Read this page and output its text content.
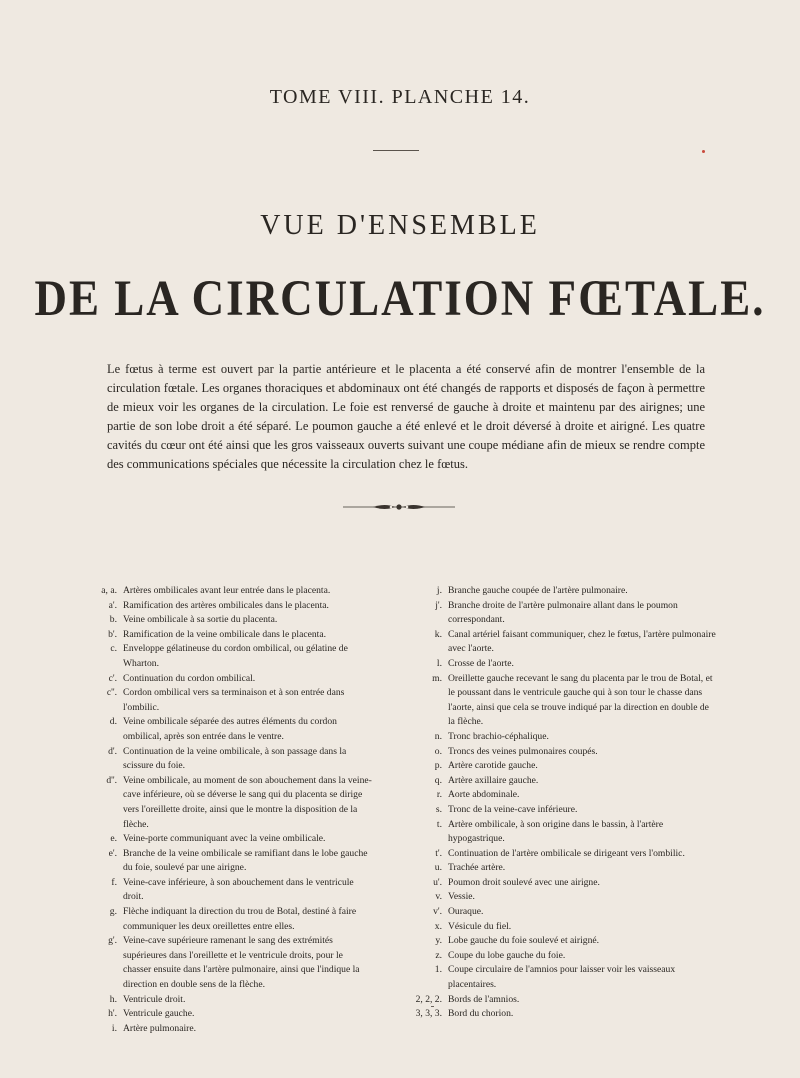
TOME VIII. PLANCHE 14.
VUE D'ENSEMBLE
DE LA CIRCULATION FŒTALE.
Le fœtus à terme est ouvert par la partie antérieure et le placenta a été conservé afin de montrer l'ensemble de la circulation fœtale. Les organes thoraciques et abdominaux ont été changés de rapports et disposés de façon à permettre de mieux voir les organes de la circulation. Le foie est renversé de gauche à droite et maintenu par des airignes; une partie de son lobe droit a été séparé. Le poumon gauche a été enlevé et le droit déversé à droite et airigné. Les quatre cavités du cœur ont été ainsi que les gros vaisseaux ouverts suivant une coupe médiane afin de mieux se rendre compte des communications spéciales que nécessite la circulation chez le fœtus.
a, a. Artères ombilicales avant leur entrée dans le placenta.
a'. Ramification des artères ombilicales dans le placenta.
b. Veine ombilicale à sa sortie du placenta.
b'. Ramification de la veine ombilicale dans le placenta.
c. Enveloppe gélatineuse du cordon ombilical, ou gélatine de Wharton.
c'. Continuation du cordon ombilical.
c''. Cordon ombilical vers sa terminaison et à son entrée dans l'ombilic.
d. Veine ombilicale séparée des autres éléments du cordon ombilical, après son entrée dans le ventre.
d'. Continuation de la veine ombilicale, à son passage dans la scissure du foie.
d''. Veine ombilicale, au moment de son abouchement dans la veine-cave inférieure, où se déverse le sang qui du placenta se dirige vers l'oreillette droite, ainsi que le montre la disposition de la flèche.
e. Veine-porte communiquant avec la veine ombilicale.
e'. Branche de la veine ombilicale se ramifiant dans le lobe gauche du foie, soulevé par une airigne.
f. Veine-cave inférieure, à son abouchement dans le ventricule droit.
g. Flèche indiquant la direction du trou de Botal, destiné à faire communiquer les deux oreillettes entre elles.
g'. Veine-cave supérieure ramenant le sang des extrémités supérieures dans l'oreillette et le ventricule droits, pour le chasser ensuite dans l'artère pulmonaire, ainsi que l'indique la direction en double sens de la flèche.
h. Ventricule droit.
h'. Ventricule gauche.
i. Artère pulmonaire.
j. Branche gauche coupée de l'artère pulmonaire.
j'. Branche droite de l'artère pulmonaire allant dans le poumon correspondant.
k. Canal artériel faisant communiquer, chez le fœtus, l'artère pulmonaire avec l'aorte.
l. Crosse de l'aorte.
m. Oreillette gauche recevant le sang du placenta par le trou de Botal, et le poussant dans le ventricule gauche qui à son tour le chasse dans l'aorte, ainsi que cela se trouve indiqué par la direction en double de la flèche.
n. Tronc brachio-céphalique.
o. Troncs des veines pulmonaires coupés.
p. Artère carotide gauche.
q. Artère axillaire gauche.
r. Aorte abdominale.
s. Tronc de la veine-cave inférieure.
t. Artère ombilicale, à son origine dans le bassin, à l'artère hypogastrique.
t'. Continuation de l'artère ombilicale se dirigeant vers l'ombilic.
u. Trachée artère.
u'. Poumon droit soulevé avec une airigne.
v. Vessie.
v'. Ouraque.
x. Vésicule du fiel.
y. Lobe gauche du foie soulevé et airigné.
z. Coupe du lobe gauche du foie.
1. Coupe circulaire de l'amnios pour laisser voir les vaisseaux placentaires.
2, 2, 2. Bords de l'amnios.
3, 3, 3. Bord du chorion.
